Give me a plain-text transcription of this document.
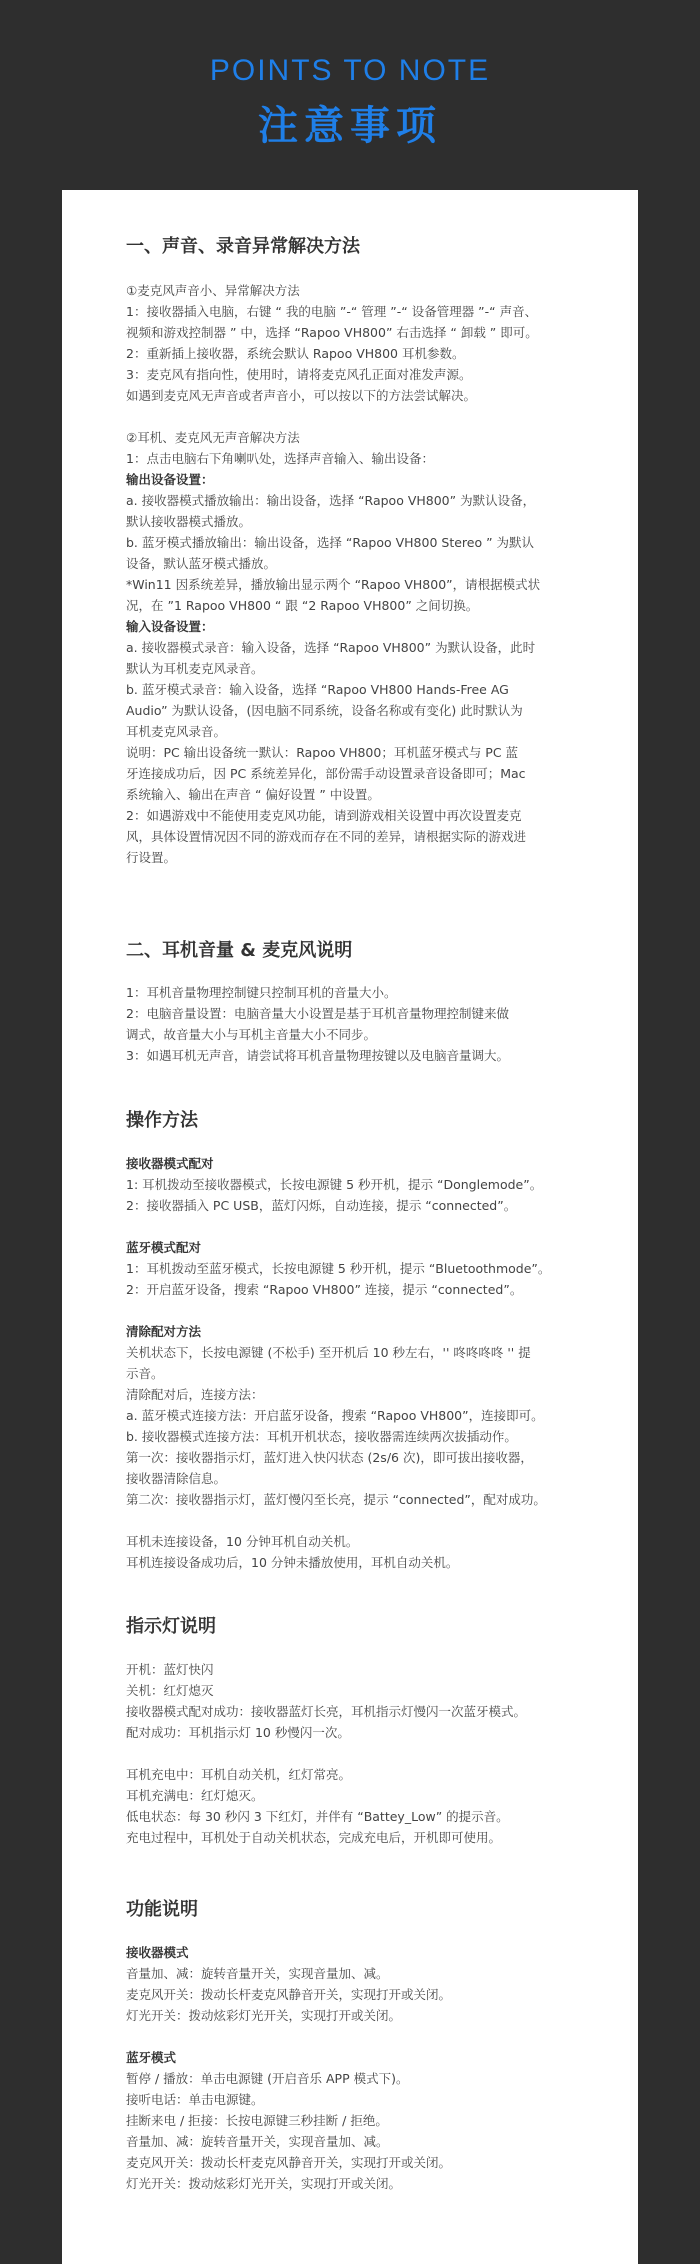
POINTS TO NOTE
注意事项
一、声音、录音异常解决方法
①麦克风声音小、异常解决方法
1：接收器插入电脑，右键 “ 我的电脑 ”-“ 管理 ”-“ 设备管理器 ”-“ 声音、
视频和游戏控制器 ” 中，选择 “Rapoo VH800” 右击选择 “ 卸载 ” 即可。
2：重新插上接收器，系统会默认 Rapoo VH800 耳机参数。
3：麦克风有指向性，使用时，请将麦克风孔正面对准发声源。
如遇到麦克风无声音或者声音小，可以按以下的方法尝试解决。
②耳机、麦克风无声音解决方法
1：点击电脑右下角喇叭处，选择声音输入、输出设备：
输出设备设置：
a. 接收器模式播放输出：输出设备，选择 “Rapoo VH800” 为默认设备，
默认接收器模式播放。
b. 蓝牙模式播放输出：输出设备，选择 “Rapoo VH800 Stereo ” 为默认
设备，默认蓝牙模式播放。
*Win11 因系统差异，播放输出显示两个 “Rapoo VH800”，请根据模式状
况，在 ”1 Rapoo VH800 “ 跟 “2 Rapoo VH800” 之间切换。
输入设备设置：
a. 接收器模式录音：输入设备，选择 “Rapoo VH800” 为默认设备，此时
默认为耳机麦克风录音。
b. 蓝牙模式录音：输入设备，选择 “Rapoo VH800 Hands-Free AG
Audio” 为默认设备，(因电脑不同系统，设备名称或有变化) 此时默认为
耳机麦克风录音。
说明：PC 输出设备统一默认：Rapoo VH800；耳机蓝牙模式与 PC 蓝
牙连接成功后，因 PC 系统差异化，部份需手动设置录音设备即可；Mac
系统输入、输出在声音 “ 偏好设置 ” 中设置。
2：如遇游戏中不能使用麦克风功能，请到游戏相关设置中再次设置麦克
风，具体设置情况因不同的游戏而存在不同的差异，请根据实际的游戏进
行设置。
二、耳机音量 & 麦克风说明
1：耳机音量物理控制键只控制耳机的音量大小。
2：电脑音量设置：电脑音量大小设置是基于耳机音量物理控制键来做
调式，故音量大小与耳机主音量大小不同步。
3：如遇耳机无声音，请尝试将耳机音量物理按键以及电脑音量调大。
操作方法
接收器模式配对
1: 耳机拨动至接收器模式，长按电源键 5 秒开机，提示 “Donglemode”。
2：接收器插入 PC USB，蓝灯闪烁，自动连接，提示 “connected”。
蓝牙模式配对
1：耳机拨动至蓝牙模式，长按电源键 5 秒开机，提示 “Bluetoothmode”。
2：开启蓝牙设备，搜索 “Rapoo VH800” 连接，提示 “connected”。
清除配对方法
关机状态下，长按电源键 (不松手) 至开机后 10 秒左右，'' 咚咚咚咚 '' 提
示音。
清除配对后，连接方法：
a. 蓝牙模式连接方法：开启蓝牙设备，搜索 “Rapoo VH800”，连接即可。
b. 接收器模式连接方法：耳机开机状态，接收器需连续两次拔插动作。
第一次：接收器指示灯，蓝灯进入快闪状态 (2s/6 次)，即可拔出接收器，
接收器清除信息。
第二次：接收器指示灯，蓝灯慢闪至长亮，提示 “connected”，配对成功。
耳机未连接设备，10 分钟耳机自动关机。
耳机连接设备成功后，10 分钟未播放使用，耳机自动关机。
指示灯说明
开机：蓝灯快闪
关机：红灯熄灭
接收器模式配对成功：接收器蓝灯长亮，耳机指示灯慢闪一次蓝牙模式。
配对成功：耳机指示灯 10 秒慢闪一次。
耳机充电中：耳机自动关机，红灯常亮。
耳机充满电：红灯熄灭。
低电状态：每 30 秒闪 3 下红灯，并伴有 “Battey_Low” 的提示音。
充电过程中，耳机处于自动关机状态，完成充电后，开机即可使用。
功能说明
接收器模式
音量加、减：旋转音量开关，实现音量加、减。
麦克风开关：拨动长杆麦克风静音开关，实现打开或关闭。
灯光开关：拨动炫彩灯光开关，实现打开或关闭。
蓝牙模式
暂停 / 播放：单击电源键 (开启音乐 APP 模式下)。
接听电话：单击电源键。
挂断来电 / 拒接：长按电源键三秒挂断 / 拒绝。
音量加、减：旋转音量开关，实现音量加、减。
麦克风开关：拨动长杆麦克风静音开关，实现打开或关闭。
灯光开关：拨动炫彩灯光开关，实现打开或关闭。
